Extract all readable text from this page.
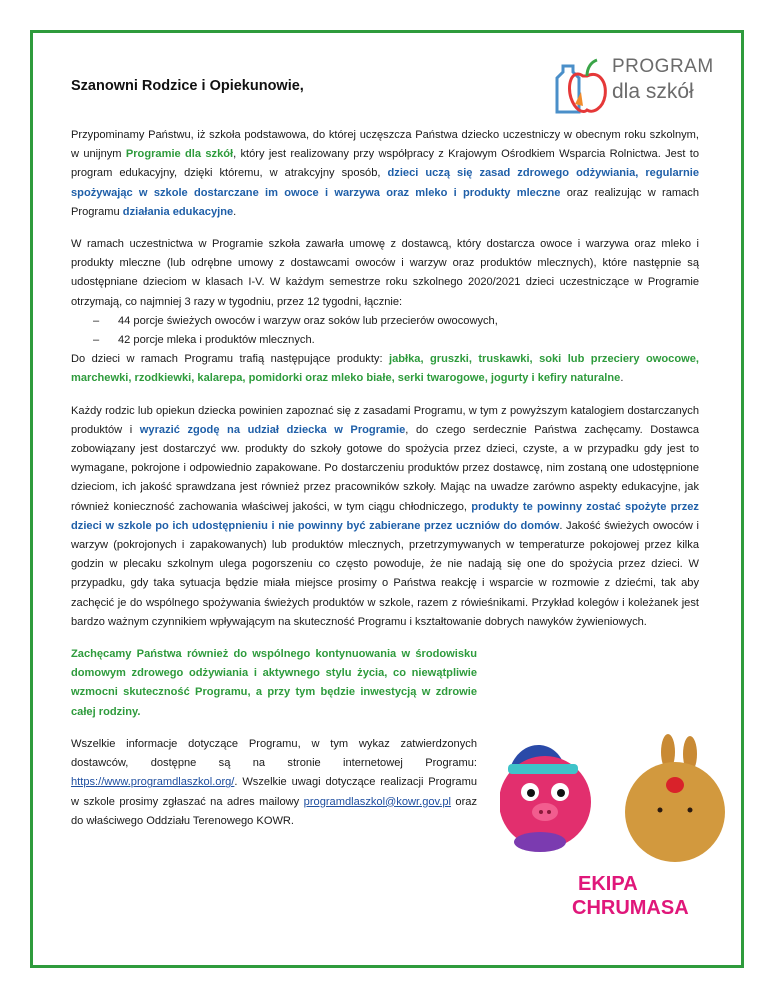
Szanowni Rodzice i Opiekunowie,
PROGRAM
dla szkół

Przypominamy Państwu, iż szkoła podstawowa, do której uczęszcza Państwa dziecko uczestniczy w obecnym roku szkolnym, w unijnym Programie dla szkół, który jest realizowany przy współpracy z Krajowym Ośrodkiem Wsparcia Rolnictwa. Jest to program edukacyjny, dzięki któremu, w atrakcyjny sposób, dzieci uczą się zasad zdrowego odżywiania, regularnie spożywając w szkole dostarczane im owoce i warzywa oraz mleko i produkty mleczne oraz realizując w ramach Programu działania edukacyjne.

W ramach uczestnictwa w Programie szkoła zawarła umowę z dostawcą, który dostarcza owoce i warzywa oraz mleko i produkty mleczne (lub odrębne umowy z dostawcami owoców i warzyw oraz produktów mlecznych), które następnie są udostępniane dzieciom w klasach I-V. W każdym semestrze roku szkolnego 2020/2021 dzieci uczestniczące w Programie otrzymają, co najmniej 3 razy w tygodniu, przez 12 tygodni, łącznie:

– 44 porcje świeżych owoców i warzyw oraz soków lub przecierów owocowych,
– 42 porcje mleka i produktów mlecznych.

Do dzieci w ramach Programu trafią następujące produkty: jabłka, gruszki, truskawki, soki lub przeciery owocowe, marchewki, rzodkiewki, kalarepa, pomidorki oraz mleko białe, serki twarogowe, jogurty i kefiry naturalne.

Każdy rodzic lub opiekun dziecka powinien zapoznać się z zasadami Programu, w tym z powyższym katalogiem dostarczanych produktów i wyrazić zgodę na udział dziecka w Programie, do czego serdecznie Państwa zachęcamy. Dostawca zobowiązany jest dostarczyć ww. produkty do szkoły gotowe do spożycia przez dzieci, czyste, a w przypadku gdy jest to wymagane, pokrojone i odpowiednio zapakowane. Po dostarczeniu produktów przez dostawcę, nim zostaną one udostępnione dzieciom, ich jakość sprawdzana jest również przez pracowników szkoły. Mając na uwadze zarówno aspekty edukacyjne, jak również konieczność zachowania właściwej jakości, w tym ciągu chłodniczego, produkty te powinny zostać spożyte przez dzieci w szkole po ich udostępnieniu i nie powinny być zabierane przez uczniów do domów. Jakość świeżych owoców i warzyw (pokrojonych i zapakowanych) lub produktów mlecznych, przetrzymywanych w temperaturze pokojowej przez kilka godzin w plecaku szkolnym ulega pogorszeniu co często powoduje, że nie nadają się one do spożycia przez dzieci. W przypadku, gdy taka sytuacja będzie miała miejsce prosimy o Państwa reakcję i wsparcie w rozmowie z dziećmi, tak aby zachęcić je do wspólnego spożywania świeżych produktów w szkole, razem z rówieśnikami. Przykład kolegów i koleżanek jest bardzo ważnym czynnikiem wpływającym na skuteczność Programu i kształtowanie dobrych nawyków żywieniowych.

Zachęcamy Państwa również do wspólnego kontynuowania w środowisku domowym zdrowego odżywiania i aktywnego stylu życia, co niewątpliwie wzmocni skuteczność Programu, a przy tym będzie inwestycją w zdrowie całej rodziny.

Wszelkie informacje dotyczące Programu, w tym wykaz zatwierdzonych dostawców, dostępne są na stronie internetowej Programu: https://www.programdlaszkol.org/. Wszelkie uwagi dotyczące realizacji Programu w szkole prosimy zgłaszać na adres mailowy programdlaszkol@kowr.gov.pl oraz do właściwego Oddziału Terenowego KOWR.

EKIPA
CHRUMASA
